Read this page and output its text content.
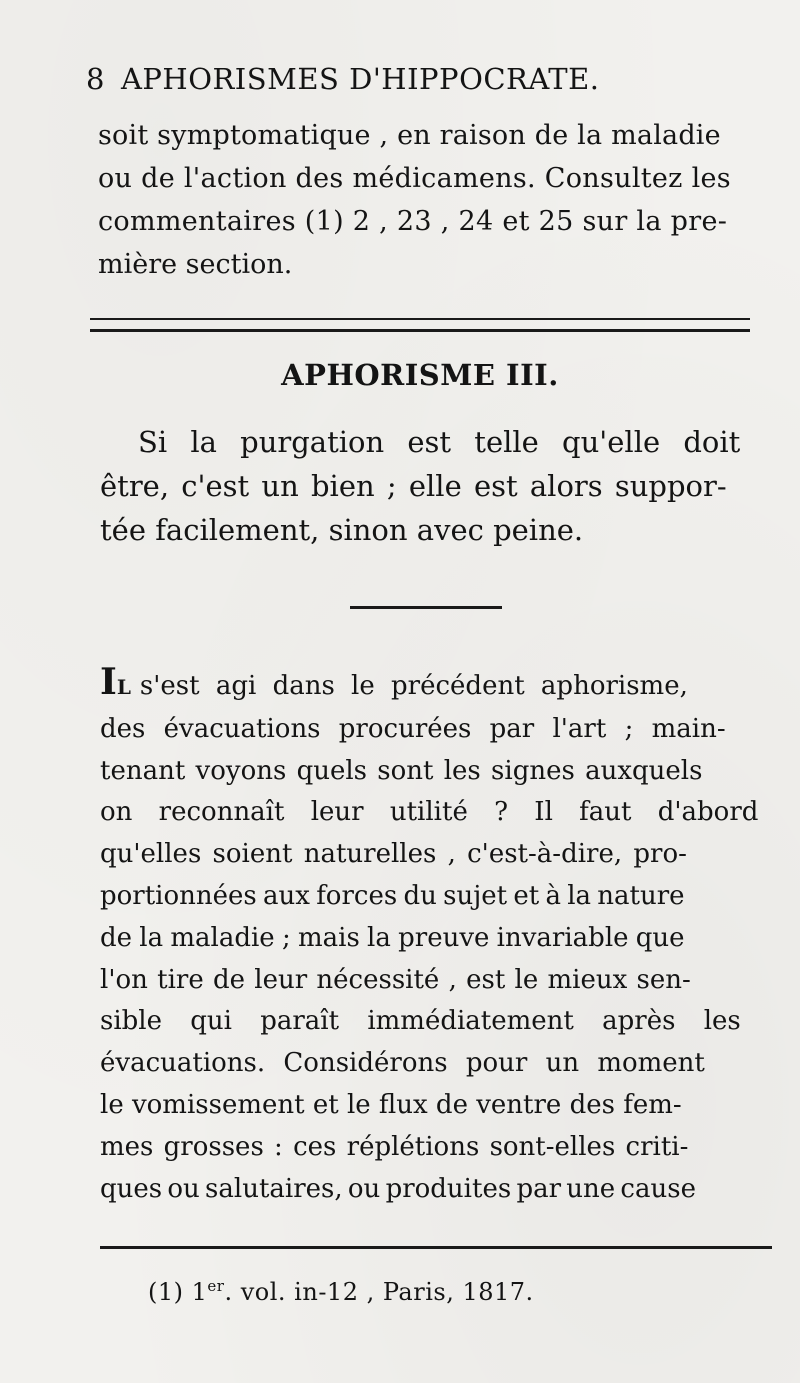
8 APHORISMES D'HIPPOCRATE.
soit symptomatique , en raison de la maladie
ou de l'action des médicamens. Consultez les
commentaires (1) 2 , 23 , 24 et 25 sur la pre-
mière section.
APHORISME III.
Si la purgation est telle qu'elle doit
être, c'est un bien ; elle est alors suppor-
tée facilement, sinon avec peine.
IL s'est agi dans le précédent aphorisme,
des évacuations procurées par l'art ; main-
tenant voyons quels sont les signes auxquels
on reconnaît leur utilité ? Il faut d'abord
qu'elles soient naturelles , c'est-à-dire, pro-
portionnées aux forces du sujet et à la nature
de la maladie ; mais la preuve invariable que
l'on tire de leur nécessité , est le mieux sen-
sible qui paraît immédiatement après les
évacuations. Considérons pour un moment
le vomissement et le flux de ventre des fem-
mes grosses : ces réplétions sont-elles criti-
ques ou salutaires, ou produites par une cause
(1) 1er. vol. in-12 , Paris, 1817.
